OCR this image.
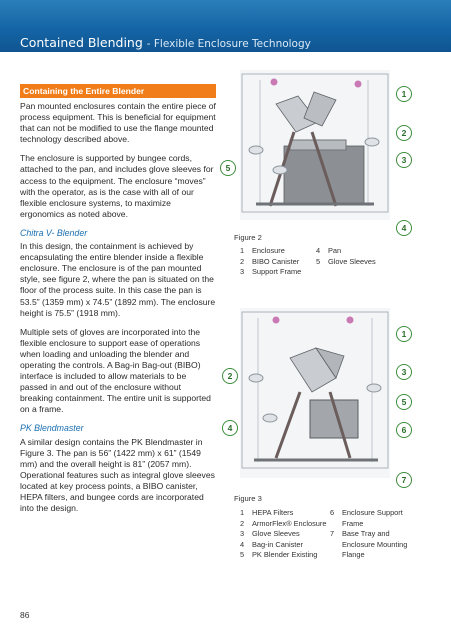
Contained Blending - Flexible Enclosure Technology
Containing the Entire Blender

Pan mounted enclosures contain the entire piece of process equipment. This is beneficial for equipment that can not be modified to use the flange mounted technology described above.

The enclosure is supported by bungee cords, attached to the pan, and includes glove sleeves for access to the equipment. The enclosure “moves” with the operator, as is the case with all of our flexible enclosure systems, to maximize ergonomics as noted above.

Chitra V- Blender

In this design, the containment is achieved by encapsulating the entire blender inside a flexible enclosure. The enclosure is of the pan mounted style, see figure 2, where the pan is situated on the floor of the process suite. In this case the pan is 53.5” (1359 mm) x 74.5” (1892 mm). The enclosure height is 75.5” (1918 mm).

Multiple sets of gloves are incorporated into the flexible enclosure to support ease of operations when loading and unloading the blender and operating the controls. A Bag-in Bag-out (BIBO) interface is included to allow materials to be passed in and out of the enclosure without breaking containment. The entire unit is supported on a frame.

PK Blendmaster

A similar design contains the PK Blendmaster in Figure 3. The pan is 56” (1422 mm) x 61” (1549 mm) and the overall height is 81” (2057 mm). Operational features such as integral glove sleeves located at key process points, a BIBO canister, HEPA filters, and bungee cords are incorporated into the design.

1
2
3
4
5
Figure 2
1 Enclosure
2 BIBO Canister
3 Support Frame
4 Pan
5 Glove Sleeves
1
2	3
4
5
6
7
Figure 3
1 HEPA Filters
2 ArmorFlex® Enclosure
3 Glove Sleeves
4 Bag-in Canister
5 PK Blender Existing
6	Enclosure Support Frame
7	Base Tray and Enclosure Mounting Flange
86
